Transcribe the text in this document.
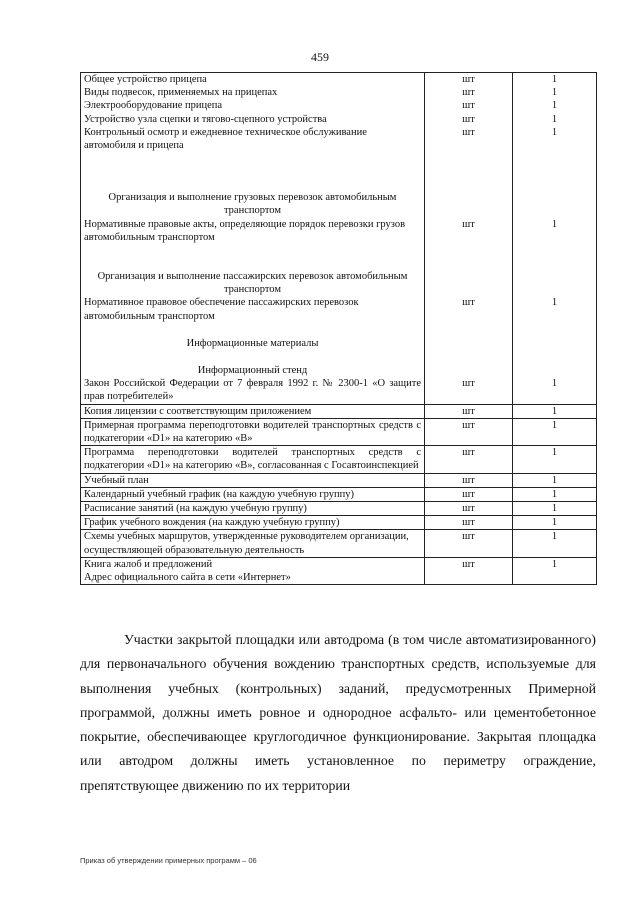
459
Общее устройство прицепа	шт	1
Виды подвесок, применяемых на прицепах	шт	1
Электрооборудование прицепа	шт	1
Устройство узла сцепки и тягово-сцепного устройства	шт	1
Контрольный осмотр и ежедневное техническое обслуживание автомобиля и прицепа	шт	1

Организация и выполнение грузовых перевозок автомобильным транспортом		
Нормативные правовые акты, определяющие порядок перевозки грузов автомобильным транспортом	шт	1

Организация и выполнение пассажирских перевозок автомобильным транспортом		
Нормативное правовое обеспечение пассажирских перевозок автомобильным транспортом	шт	1

Информационные материалы		

Информационный стенд		
Закон Российской Федерации от 7 февраля 1992 г. № 2300-1 «О защите прав потребителей»	шт	1
Копия лицензии с соответствующим приложением	шт	1
Примерная программа переподготовки водителей транспортных средств с подкатегории «D1» на категорию «B»	шт	1
Программа переподготовки водителей транспортных средств с подкатегории «D1» на категорию «B», согласованная с Госавтоинспекцией	шт	1
Учебный план	шт	1
Календарный учебный график (на каждую учебную группу)	шт	1
Расписание занятий (на каждую учебную группу)	шт	1
График учебного вождения (на каждую учебную группу)	шт	1
Схемы учебных маршрутов, утвержденные руководителем организации, осуществляющей образовательную деятельность	шт	1
Книга жалоб и предложений	шт	1
Адрес официального сайта в сети «Интернет»		

Участки закрытой площадки или автодрома (в том числе автоматизированного) для первоначального обучения вождению транспортных средств, используемые для выполнения учебных (контрольных) заданий, предусмотренных Примерной программой, должны иметь ровное и однородное асфальто- или цементобетонное покрытие, обеспечивающее круглогодичное функционирование. Закрытая площадка или автодром должны иметь установленное по периметру ограждение, препятствующее движению по их территории

Приказ об утверждении примерных программ – 06
